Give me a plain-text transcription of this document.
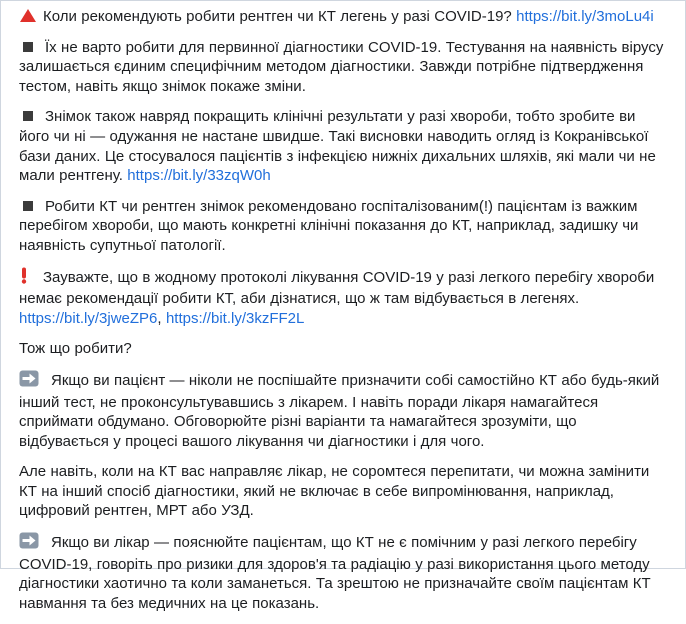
Коли рекомендують робити рентген чи КТ легень у разі COVID-19? https://bit.ly/3moLu4i

Їх не варто робити для первинної діагностики COVID-19. Тестування на наявність вірусу залишається єдиним специфічним методом діагностики. Завжди потрібне підтвердження тестом, навіть якщо знімок покаже зміни.

Знімок також навряд покращить клінічні результати у разі хвороби, тобто зробите ви його чи ні — одужання не настане швидше. Такі висновки наводить огляд із Кокранівської бази даних. Це стосувалося пацієнтів з інфекцією нижніх дихальних шляхів, які мали чи не мали рентгену. https://bit.ly/33zqW0h

Робити КТ чи рентген знімок рекомендовано госпіталізованим(!) пацієнтам із важким перебігом хвороби, що мають конкретні клінічні показання до КТ, наприклад, задишку чи наявність супутньої патології.

Зауважте, що в жодному протоколі лікування COVID-19 у разі легкого перебігу хвороби немає рекомендації робити КТ, аби дізнатися, що ж там відбувається в легенях.
https://bit.ly/3jweZP6, https://bit.ly/3kzFF2L

Тож що робити?

Якщо ви пацієнт — ніколи не поспішайте призначити собі самостійно КТ або будь-який інший тест, не проконсультувавшись з лікарем. І навіть поради лікаря намагайтеся сприймати обдумано. Обговорюйте різні варіанти та намагайтеся зрозуміти, що відбувається у процесі вашого лікування чи діагностики і для чого.

Але навіть, коли на КТ вас направляє лікар, не соромтеся перепитати, чи можна замінити КТ на інший спосіб діагностики, який не включає в себе випромінювання, наприклад, цифровий рентген, МРТ або УЗД.

Якщо ви лікар — пояснюйте пацієнтам, що КТ не є помічним у разі легкого перебігу COVID-19, говоріть про ризики для здоров'я та радіацію у разі використання цього методу діагностики хаотично та коли заманеться. Та зрештою не призначайте своїм пацієнтам КТ навмання та без медичних на це показань.
